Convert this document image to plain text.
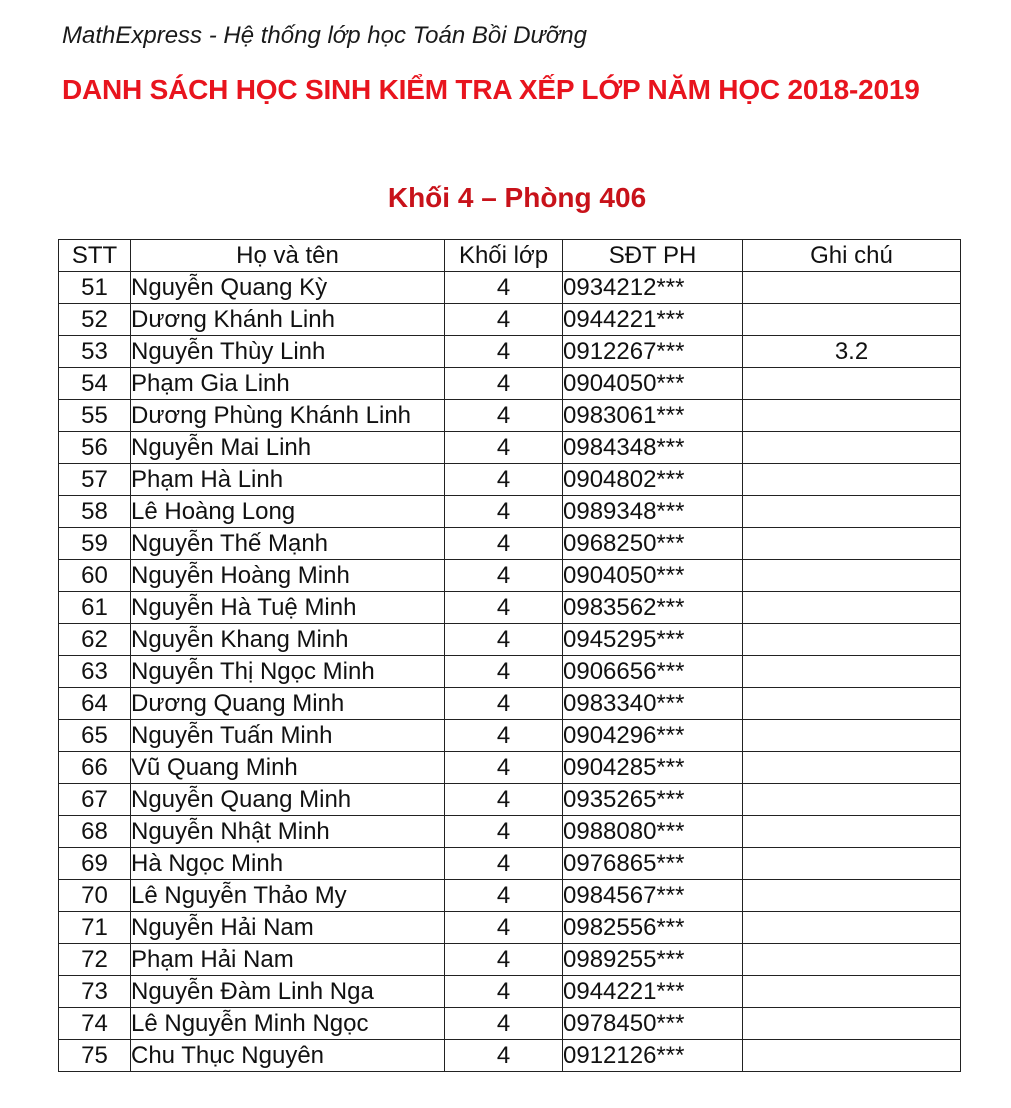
MathExpress - Hệ thống lớp học Toán Bồi Dưỡng
DANH SÁCH HỌC SINH KIỂM TRA XẾP LỚP NĂM HỌC 2018-2019
Khối 4 – Phòng 406
STT	Họ và tên	Khối lớp	SĐT PH	Ghi chú
51	Nguyễn Quang Kỳ	4	0934212***	
52	Dương Khánh Linh	4	0944221***	
53	Nguyễn Thùy Linh	4	0912267***	3.2
54	Phạm Gia Linh	4	0904050***	
55	Dương Phùng Khánh Linh	4	0983061***	
56	Nguyễn Mai Linh	4	0984348***	
57	Phạm Hà Linh	4	0904802***	
58	Lê Hoàng Long	4	0989348***	
59	Nguyễn Thế Mạnh	4	0968250***	
60	Nguyễn Hoàng Minh	4	0904050***	
61	Nguyễn Hà Tuệ Minh	4	0983562***	
62	Nguyễn Khang Minh	4	0945295***	
63	Nguyễn Thị Ngọc Minh	4	0906656***	
64	Dương Quang Minh	4	0983340***	
65	Nguyễn Tuấn Minh	4	0904296***	
66	Vũ Quang Minh	4	0904285***	
67	Nguyễn Quang Minh	4	0935265***	
68	Nguyễn Nhật Minh	4	0988080***	
69	Hà Ngọc Minh	4	0976865***	
70	Lê Nguyễn Thảo My	4	0984567***	
71	Nguyễn Hải Nam	4	0982556***	
72	Phạm Hải Nam	4	0989255***	
73	Nguyễn Đàm Linh Nga	4	0944221***	
74	Lê Nguyễn Minh Ngọc	4	0978450***	
75	Chu Thục Nguyên	4	0912126***	
